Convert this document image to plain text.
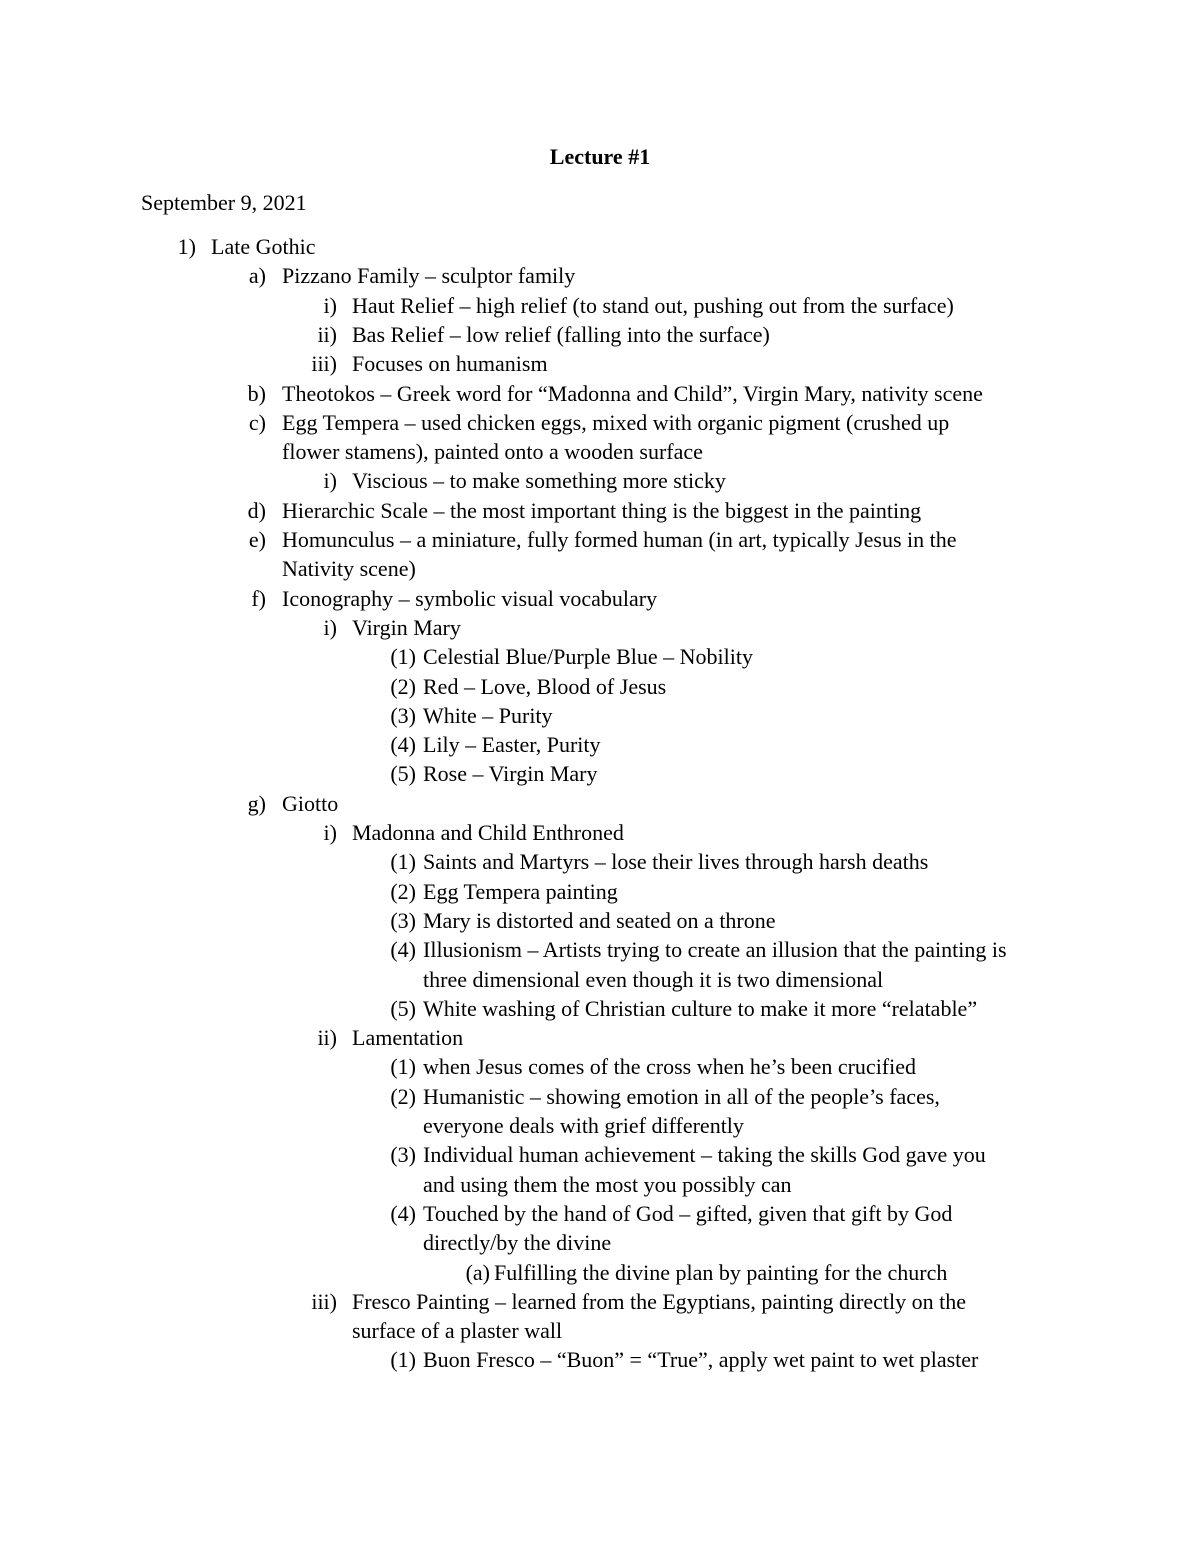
Lecture #1
September 9, 2021
1) Late Gothic
a) Pizzano Family – sculptor family
i) Haut Relief – high relief (to stand out, pushing out from the surface)
ii) Bas Relief – low relief (falling into the surface)
iii) Focuses on humanism
b) Theotokos – Greek word for “Madonna and Child”, Virgin Mary, nativity scene
c) Egg Tempera – used chicken eggs, mixed with organic pigment (crushed up
flower stamens), painted onto a wooden surface
i) Viscious – to make something more sticky
d) Hierarchic Scale – the most important thing is the biggest in the painting
e) Homunculus – a miniature, fully formed human (in art, typically Jesus in the
Nativity scene)
f) Iconography – symbolic visual vocabulary
i) Virgin Mary
(1) Celestial Blue/Purple Blue – Nobility
(2) Red – Love, Blood of Jesus
(3) White – Purity
(4) Lily – Easter, Purity
(5) Rose – Virgin Mary
g) Giotto
i) Madonna and Child Enthroned
(1) Saints and Martyrs – lose their lives through harsh deaths
(2) Egg Tempera painting
(3) Mary is distorted and seated on a throne
(4) Illusionism – Artists trying to create an illusion that the painting is
three dimensional even though it is two dimensional
(5) White washing of Christian culture to make it more “relatable”
ii) Lamentation
(1) when Jesus comes of the cross when he’s been crucified
(2) Humanistic – showing emotion in all of the people’s faces,
everyone deals with grief differently
(3) Individual human achievement – taking the skills God gave you
and using them the most you possibly can
(4) Touched by the hand of God – gifted, given that gift by God
directly/by the divine
(a) Fulfilling the divine plan by painting for the church
iii) Fresco Painting – learned from the Egyptians, painting directly on the
surface of a plaster wall
(1) Buon Fresco – “Buon” = “True”, apply wet paint to wet plaster
